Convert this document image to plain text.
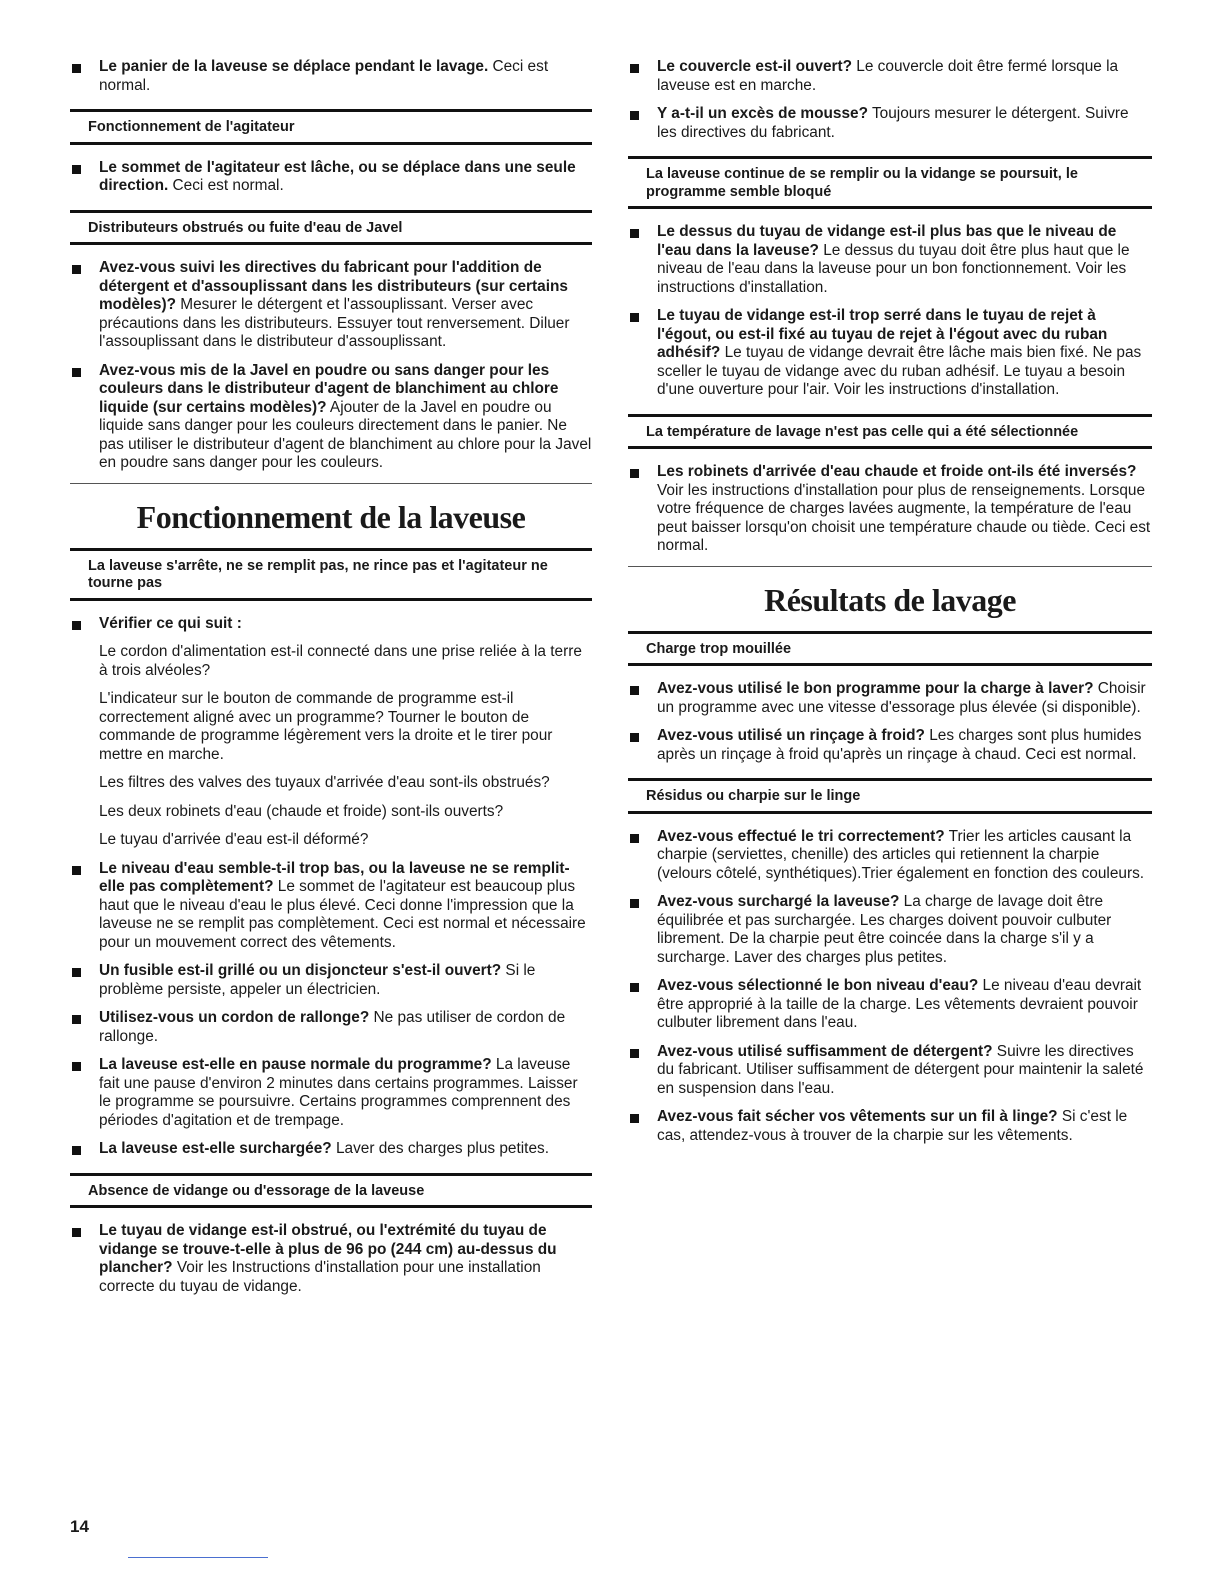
Le panier de la laveuse se déplace pendant le lavage. Ceci est normal.
Fonctionnement de l'agitateur
Le sommet de l'agitateur est lâche, ou se déplace dans une seule direction. Ceci est normal.
Distributeurs obstrués ou fuite d'eau de Javel
Avez-vous suivi les directives du fabricant pour l'addition de détergent et d'assouplissant dans les distributeurs (sur certains modèles)? Mesurer le détergent et l'assouplissant. Verser avec précautions dans les distributeurs. Essuyer tout renversement. Diluer l'assouplissant dans le distributeur d'assouplissant.
Avez-vous mis de la Javel en poudre ou sans danger pour les couleurs dans le distributeur d'agent de blanchiment au chlore liquide (sur certains modèles)? Ajouter de la Javel en poudre ou liquide sans danger pour les couleurs directement dans le panier. Ne pas utiliser le distributeur d'agent de blanchiment au chlore pour la Javel en poudre sans danger pour les couleurs.
Fonctionnement de la laveuse
La laveuse s'arrête, ne se remplit pas, ne rince pas et l'agitateur ne tourne pas
Vérifier ce qui suit :
Le cordon d'alimentation est-il connecté dans une prise reliée à la terre à trois alvéoles?
L'indicateur sur le bouton de commande de programme est-il correctement aligné avec un programme? Tourner le bouton de commande de programme légèrement vers la droite et le tirer pour mettre en marche.
Les filtres des valves des tuyaux d'arrivée d'eau sont-ils obstrués?
Les deux robinets d'eau (chaude et froide) sont-ils ouverts?
Le tuyau d'arrivée d'eau est-il déformé?
Le niveau d'eau semble-t-il trop bas, ou la laveuse ne se remplit-elle pas complètement? Le sommet de l'agitateur est beaucoup plus haut que le niveau d'eau le plus élevé. Ceci donne l'impression que la laveuse ne se remplit pas complètement. Ceci est normal et nécessaire pour un mouvement correct des vêtements.
Un fusible est-il grillé ou un disjoncteur s'est-il ouvert? Si le problème persiste, appeler un électricien.
Utilisez-vous un cordon de rallonge? Ne pas utiliser de cordon de rallonge.
La laveuse est-elle en pause normale du programme? La laveuse fait une pause d'environ 2 minutes dans certains programmes. Laisser le programme se poursuivre. Certains programmes comprennent des périodes d'agitation et de trempage.
La laveuse est-elle surchargée? Laver des charges plus petites.
Absence de vidange ou d'essorage de la laveuse
Le tuyau de vidange est-il obstrué, ou l'extrémité du tuyau de vidange se trouve-t-elle à plus de 96 po (244 cm) au-dessus du plancher? Voir les Instructions d'installation pour une installation correcte du tuyau de vidange.
Le couvercle est-il ouvert? Le couvercle doit être fermé lorsque la laveuse est en marche.
Y a-t-il un excès de mousse? Toujours mesurer le détergent. Suivre les directives du fabricant.
La laveuse continue de se remplir ou la vidange se poursuit, le programme semble bloqué
Le dessus du tuyau de vidange est-il plus bas que le niveau de l'eau dans la laveuse? Le dessus du tuyau doit être plus haut que le niveau de l'eau dans la laveuse pour un bon fonctionnement. Voir les instructions d'installation.
Le tuyau de vidange est-il trop serré dans le tuyau de rejet à l'égout, ou est-il fixé au tuyau de rejet à l'égout avec du ruban adhésif? Le tuyau de vidange devrait être lâche mais bien fixé. Ne pas sceller le tuyau de vidange avec du ruban adhésif. Le tuyau a besoin d'une ouverture pour l'air. Voir les instructions d'installation.
La température de lavage n'est pas celle qui a été sélectionnée
Les robinets d'arrivée d'eau chaude et froide ont-ils été inversés? Voir les instructions d'installation pour plus de renseignements. Lorsque votre fréquence de charges lavées augmente, la température de l'eau peut baisser lorsqu'on choisit une température chaude ou tiède. Ceci est normal.
Résultats de lavage
Charge trop mouillée
Avez-vous utilisé le bon programme pour la charge à laver? Choisir un programme avec une vitesse d'essorage plus élevée (si disponible).
Avez-vous utilisé un rinçage à froid? Les charges sont plus humides après un rinçage à froid qu'après un rinçage à chaud. Ceci est normal.
Résidus ou charpie sur le linge
Avez-vous effectué le tri correctement? Trier les articles causant la charpie (serviettes, chenille) des articles qui retiennent la charpie (velours côtelé, synthétiques).Trier également en fonction des couleurs.
Avez-vous surchargé la laveuse? La charge de lavage doit être équilibrée et pas surchargée. Les charges doivent pouvoir culbuter librement. De la charpie peut être coincée dans la charge s'il y a surcharge. Laver des charges plus petites.
Avez-vous sélectionné le bon niveau d'eau? Le niveau d'eau devrait être approprié à la taille de la charge. Les vêtements devraient pouvoir culbuter librement dans l'eau.
Avez-vous utilisé suffisamment de détergent? Suivre les directives du fabricant. Utiliser suffisamment de détergent pour maintenir la saleté en suspension dans l'eau.
Avez-vous fait sécher vos vêtements sur un fil à linge? Si c'est le cas, attendez-vous à trouver de la charpie sur les vêtements.
14
